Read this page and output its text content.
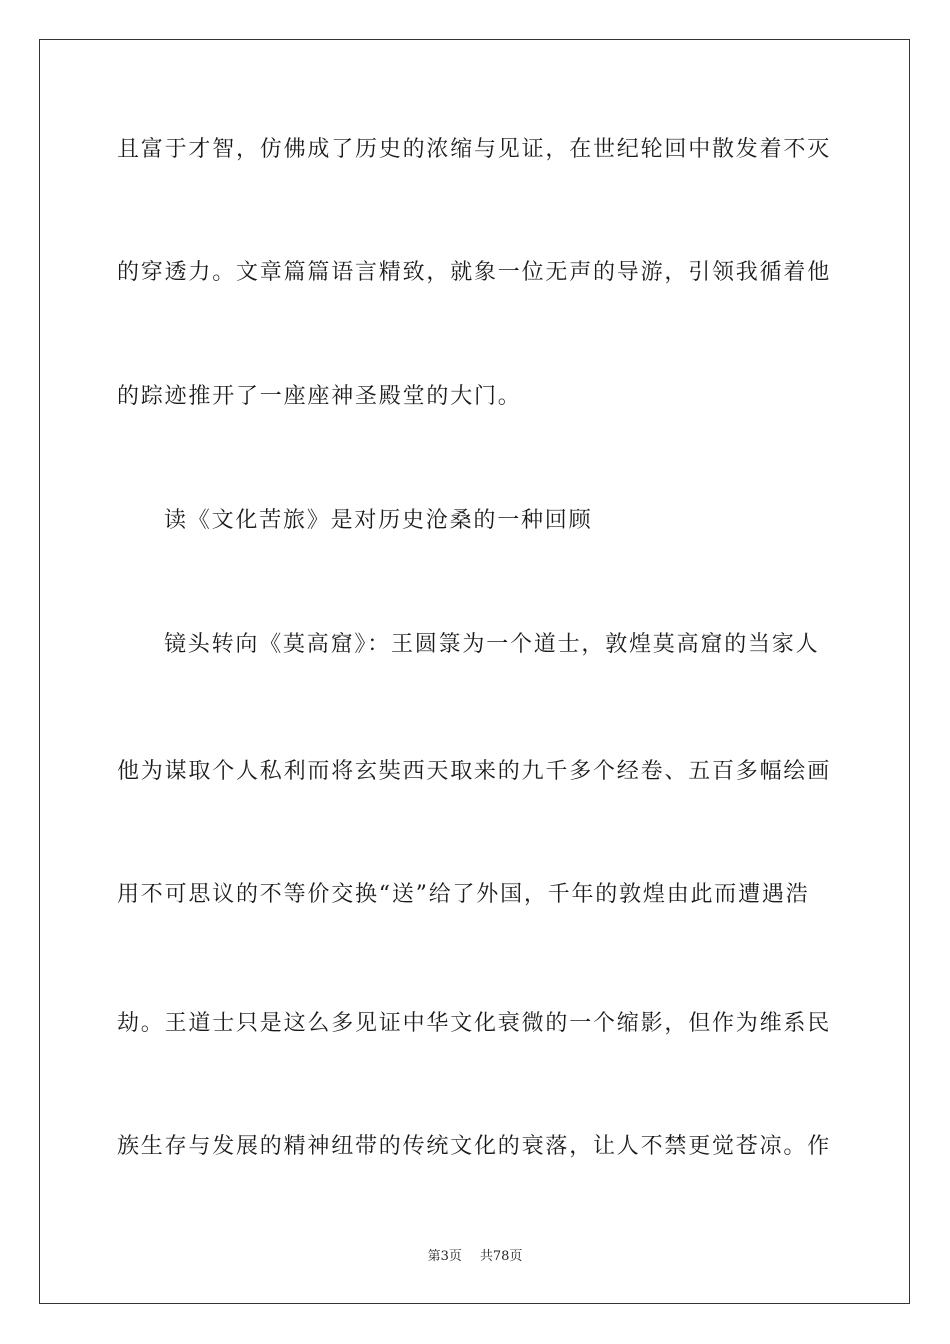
且富于才智，仿佛成了历史的浓缩与见证，在世纪轮回中散发着不灭
的穿透力。文章篇篇语言精致，就象一位无声的导游，引领我循着他
的踪迹推开了一座座神圣殿堂的大门。
读《文化苦旅》是对历史沧桑的一种回顾
镜头转向《莫高窟》：王圆箓为一个道士，敦煌莫高窟的当家人
他为谋取个人私利而将玄奘西天取来的九千多个经卷、五百多幅绘画
用不可思议的不等价交换“送”给了外国，千年的敦煌由此而遭遇浩
劫。王道士只是这么多见证中华文化衰微的一个缩影，但作为维系民
族生存与发展的精神纽带的传统文化的衰落，让人不禁更觉苍凉。作
第3页 共78页
